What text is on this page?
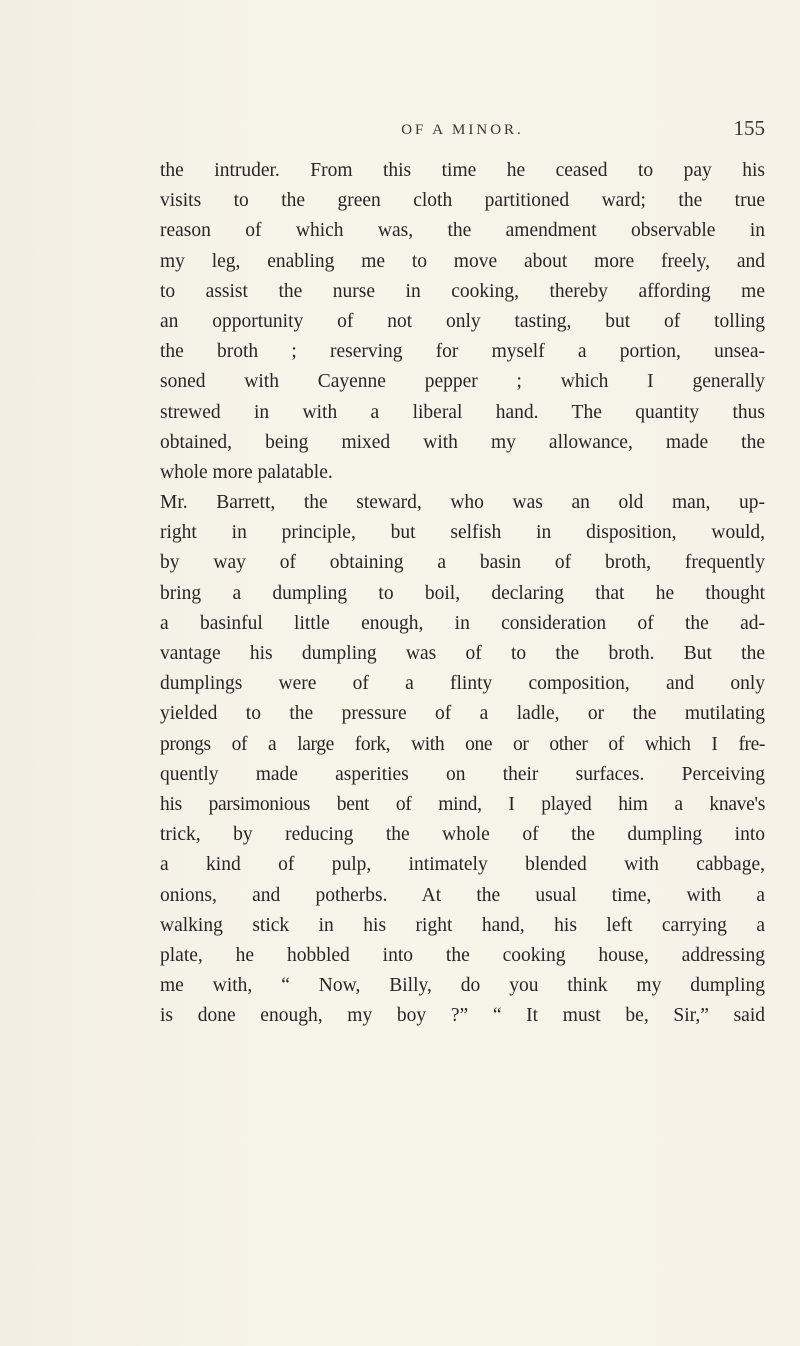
OF A MINOR.	155
the intruder. From this time he ceased to pay his
visits to the green cloth partitioned ward; the true
reason of which was, the amendment observable in
my leg, enabling me to move about more freely, and
to assist the nurse in cooking, thereby affording me
an opportunity of not only tasting, but of tolling
the broth ; reserving for myself a portion, unsea-
soned with Cayenne pepper ; which I generally
strewed in with a liberal hand. The quantity thus
obtained, being mixed with my allowance, made the
whole more palatable.
Mr. Barrett, the steward, who was an old man, up-
right in principle, but selfish in disposition, would,
by way of obtaining a basin of broth, frequently
bring a dumpling to boil, declaring that he thought
a basinful little enough, in consideration of the ad-
vantage his dumpling was of to the broth. But the
dumplings were of a flinty composition, and only
yielded to the pressure of a ladle, or the mutilating
prongs of a large fork, with one or other of which I fre-
quently made asperities on their surfaces. Perceiving
his parsimonious bent of mind, I played him a knave's
trick, by reducing the whole of the dumpling into
a kind of pulp, intimately blended with cabbage,
onions, and potherbs. At the usual time, with a
walking stick in his right hand, his left carrying a
plate, he hobbled into the cooking house, addressing
me with, “ Now, Billy, do you think my dumpling
is done enough, my boy ?” “ It must be, Sir,” said
